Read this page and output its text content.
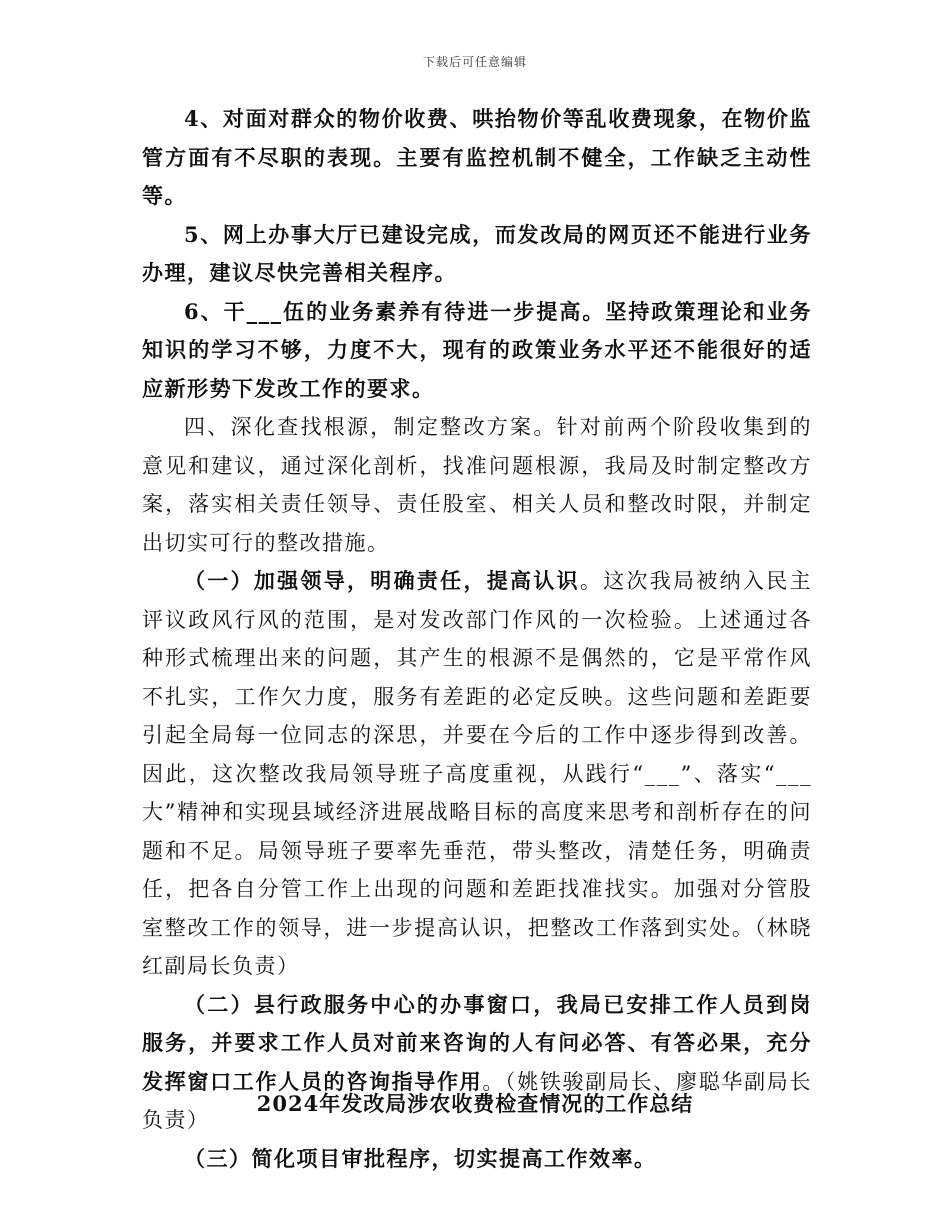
下载后可任意编辑

4、对面对群众的物价收费、哄抬物价等乱收费现象，在物价监管方面有不尽职的表现。主要有监控机制不健全，工作缺乏主动性等。

5、网上办事大厅已建设完成，而发改局的网页还不能进行业务办理，建议尽快完善相关程序。

6、干___伍的业务素养有待进一步提高。坚持政策理论和业务知识的学习不够，力度不大，现有的政策业务水平还不能很好的适应新形势下发改工作的要求。

四、深化查找根源，制定整改方案。针对前两个阶段收集到的意见和建议，通过深化剖析，找准问题根源，我局及时制定整改方案，落实相关责任领导、责任股室、相关人员和整改时限，并制定出切实可行的整改措施。

（一）加强领导，明确责任，提高认识。这次我局被纳入民主评议政风行风的范围，是对发改部门作风的一次检验。上述通过各种形式梳理出来的问题，其产生的根源不是偶然的，它是平常作风不扎实，工作欠力度，服务有差距的必定反映。这些问题和差距要引起全局每一位同志的深思，并要在今后的工作中逐步得到改善。因此，这次整改我局领导班子高度重视，从践行“___”、落实“___大”精神和实现县域经济进展战略目标的高度来思考和剖析存在的问题和不足。局领导班子要率先垂范，带头整改，清楚任务，明确责任，把各自分管工作上出现的问题和差距找准找实。加强对分管股室整改工作的领导，进一步提高认识，把整改工作落到实处。（林晓红副局长负责）

（二）县行政服务中心的办事窗口，我局已安排工作人员到岗服务，并要求工作人员对前来咨询的人有问必答、有答必果，充分发挥窗口工作人员的咨询指导作用。（姚铁骏副局长、廖聪华副局长负责）

（三）简化项目审批程序，切实提高工作效率。

2024年发改局涉农收费检查情况的工作总结
